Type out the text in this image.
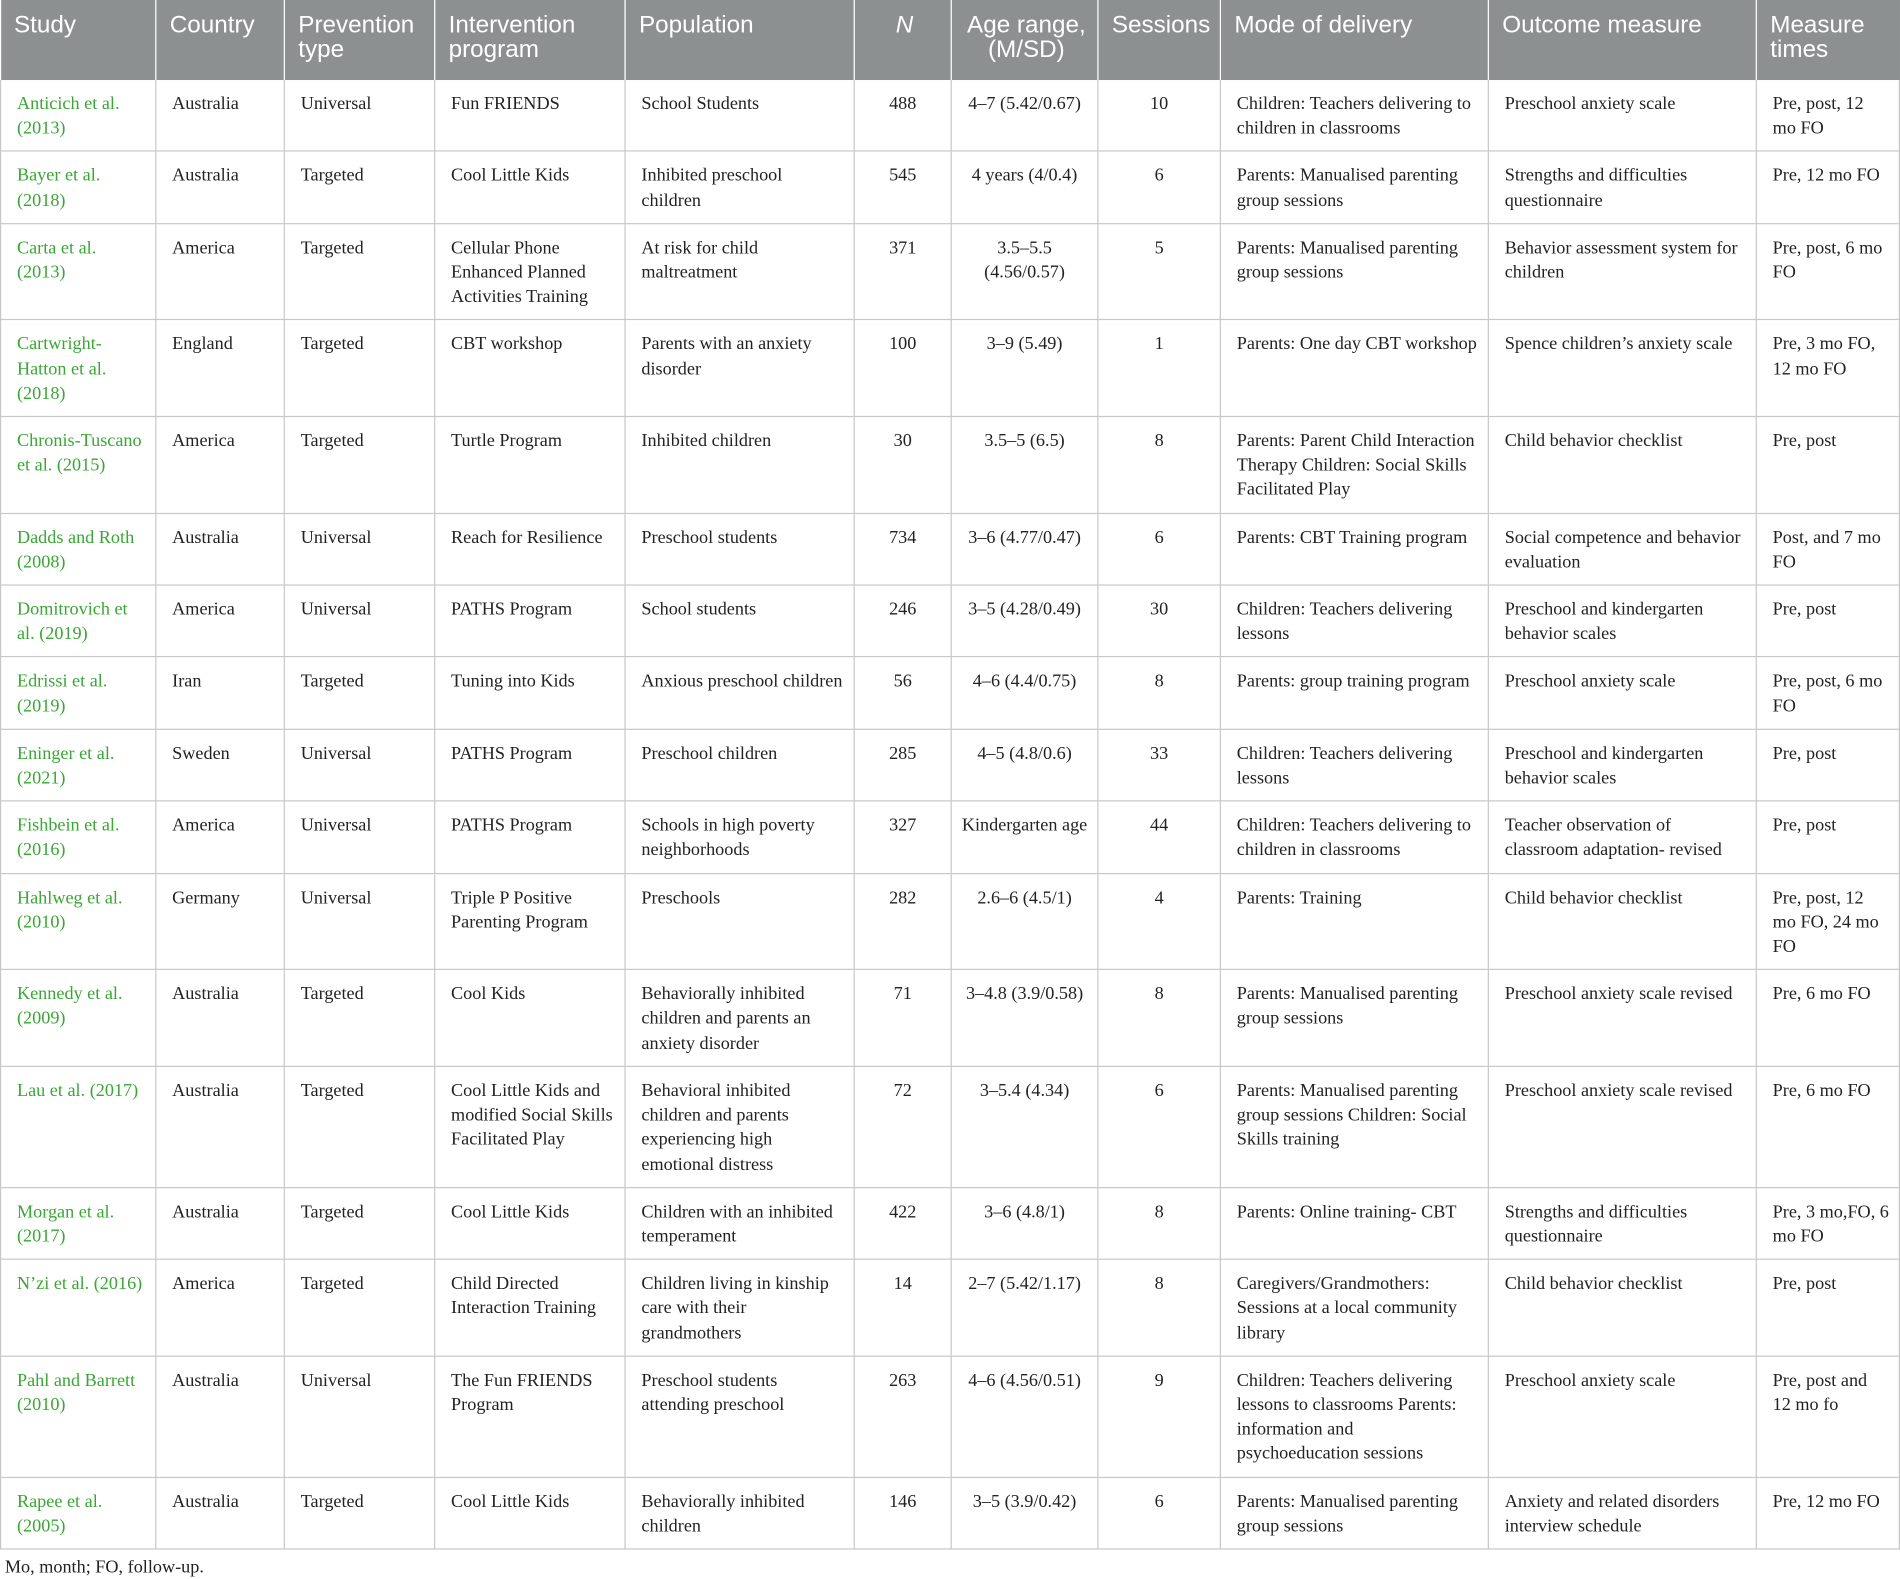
Study	Country	Prevention type	Intervention program	Population	N	Age range, (M/SD)	Sessions	Mode of delivery	Outcome measure	Measure times
Anticich et al. (2013)	Australia	Universal	Fun FRIENDS	School Students	488	4–7 (5.42/0.67)	10	Children: Teachers delivering to children in classrooms	Preschool anxiety scale	Pre, post, 12 mo FO
Bayer et al. (2018)	Australia	Targeted	Cool Little Kids	Inhibited preschool children	545	4 years (4/0.4)	6	Parents: Manualised parenting group sessions	Strengths and difficulties questionnaire	Pre, 12 mo FO
Carta et al. (2013)	America	Targeted	Cellular Phone Enhanced Planned Activities Training	At risk for child maltreatment	371	3.5–5.5 (4.56/0.57)	5	Parents: Manualised parenting group sessions	Behavior assessment system for children	Pre, post, 6 mo FO
Cartwright-Hatton et al. (2018)	England	Targeted	CBT workshop	Parents with an anxiety disorder	100	3–9 (5.49)	1	Parents: One day CBT workshop	Spence children’s anxiety scale	Pre, 3 mo FO, 12 mo FO
Chronis-Tuscano et al. (2015)	America	Targeted	Turtle Program	Inhibited children	30	3.5–5 (6.5)	8	Parents: Parent Child Interaction Therapy Children: Social Skills Facilitated Play	Child behavior checklist	Pre, post
Dadds and Roth (2008)	Australia	Universal	Reach for Resilience	Preschool students	734	3–6 (4.77/0.47)	6	Parents: CBT Training program	Social competence and behavior evaluation	Post, and 7 mo FO
Domitrovich et al. (2019)	America	Universal	PATHS Program	School students	246	3–5 (4.28/0.49)	30	Children: Teachers delivering lessons	Preschool and kindergarten behavior scales	Pre, post
Edrissi et al. (2019)	Iran	Targeted	Tuning into Kids	Anxious preschool children	56	4–6 (4.4/0.75)	8	Parents: group training program	Preschool anxiety scale	Pre, post, 6 mo FO
Eninger et al. (2021)	Sweden	Universal	PATHS Program	Preschool children	285	4–5 (4.8/0.6)	33	Children: Teachers delivering lessons	Preschool and kindergarten behavior scales	Pre, post
Fishbein et al. (2016)	America	Universal	PATHS Program	Schools in high poverty neighborhoods	327	Kindergarten age	44	Children: Teachers delivering to children in classrooms	Teacher observation of classroom adaptation- revised	Pre, post
Hahlweg et al. (2010)	Germany	Universal	Triple P Positive Parenting Program	Preschools	282	2.6–6 (4.5/1)	4	Parents: Training	Child behavior checklist	Pre, post, 12 mo FO, 24 mo FO
Kennedy et al. (2009)	Australia	Targeted	Cool Kids	Behaviorally inhibited children and parents an anxiety disorder	71	3–4.8 (3.9/0.58)	8	Parents: Manualised parenting group sessions	Preschool anxiety scale revised	Pre, 6 mo FO
Lau et al. (2017)	Australia	Targeted	Cool Little Kids and modified Social Skills Facilitated Play	Behavioral inhibited children and parents experiencing high emotional distress	72	3–5.4 (4.34)	6	Parents: Manualised parenting group sessions Children: Social Skills training	Preschool anxiety scale revised	Pre, 6 mo FO
Morgan et al. (2017)	Australia	Targeted	Cool Little Kids	Children with an inhibited temperament	422	3–6 (4.8/1)	8	Parents: Online training- CBT	Strengths and difficulties questionnaire	Pre, 3 mo,FO, 6 mo FO
N’zi et al. (2016)	America	Targeted	Child Directed Interaction Training	Children living in kinship care with their grandmothers	14	2–7 (5.42/1.17)	8	Caregivers/Grandmothers: Sessions at a local community library	Child behavior checklist	Pre, post
Pahl and Barrett (2010)	Australia	Universal	The Fun FRIENDS Program	Preschool students attending preschool	263	4–6 (4.56/0.51)	9	Children: Teachers delivering lessons to classrooms Parents: information and psychoeducation sessions	Preschool anxiety scale	Pre, post and 12 mo fo
Rapee et al. (2005)	Australia	Targeted	Cool Little Kids	Behaviorally inhibited children	146	3–5 (3.9/0.42)	6	Parents: Manualised parenting group sessions	Anxiety and related disorders interview schedule	Pre, 12 mo FO
Mo, month; FO, follow-up.
